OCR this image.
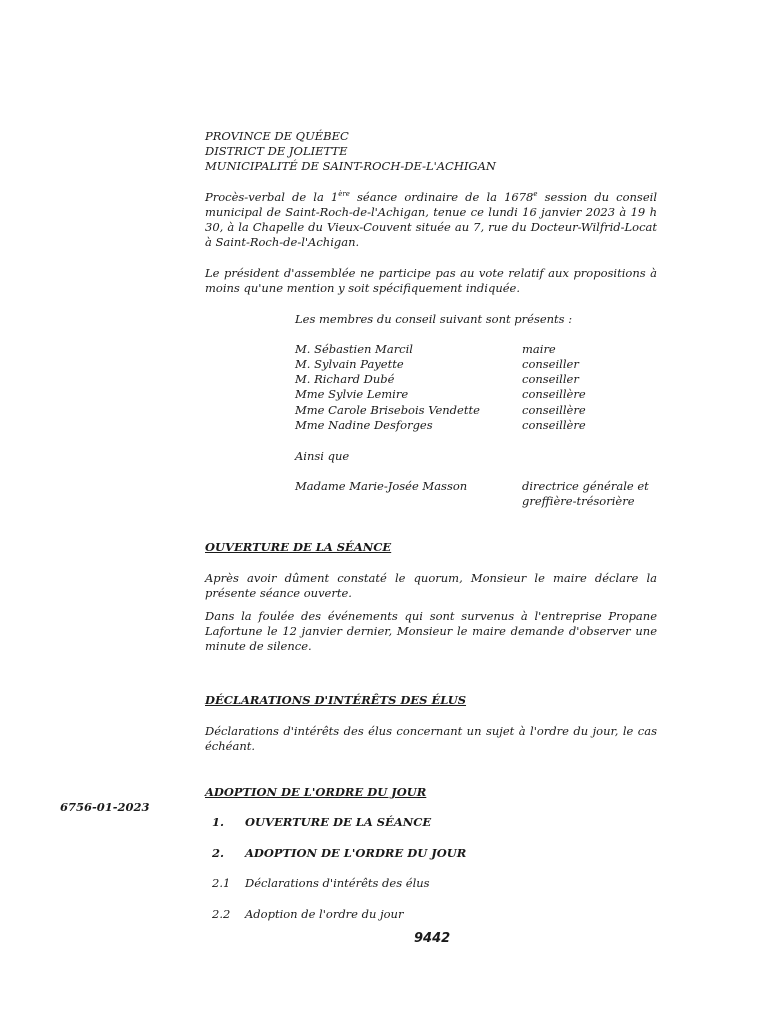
PROVINCE DE QUÉBEC
DISTRICT DE JOLIETTE
MUNICIPALITÉ DE SAINT-ROCH-DE-L'ACHIGAN
Procès-verbal de la 1ère séance ordinaire de la 1678e session du conseil municipal de Saint-Roch-de-l'Achigan, tenue ce lundi 16 janvier 2023 à 19 h 30, à la Chapelle du Vieux-Couvent située au 7, rue du Docteur-Wilfrid-Locat à Saint-Roch-de-l'Achigan.
Le président d'assemblée ne participe pas au vote relatif aux propositions à moins qu'une mention y soit spécifiquement indiquée.
Les membres du conseil suivant sont présents :
M. Sébastien Marcil	maire
M. Sylvain Payette	conseiller
M. Richard Dubé	conseiller
Mme Sylvie Lemire	conseillère
Mme Carole Brisebois Vendette	conseillère
Mme Nadine Desforges	conseillère
Ainsi que
Madame Marie-Josée Masson	directrice générale et
greffière-trésorière
OUVERTURE DE LA SÉANCE
Après avoir dûment constaté le quorum, Monsieur le maire déclare la présente séance ouverte.
Dans la foulée des événements qui sont survenus à l'entreprise Propane Lafortune le 12 janvier dernier, Monsieur le maire demande d'observer une minute de silence.
DÉCLARATIONS D'INTÉRÊTS DES ÉLUS
Déclarations d'intérêts des élus concernant un sujet à l'ordre du jour, le cas échéant.
6756-01-2023
ADOPTION DE L'ORDRE DU JOUR
1. OUVERTURE DE LA SÉANCE
2. ADOPTION DE L'ORDRE DU JOUR
2.1 Déclarations d'intérêts des élus
2.2 Adoption de l'ordre du jour
9442
